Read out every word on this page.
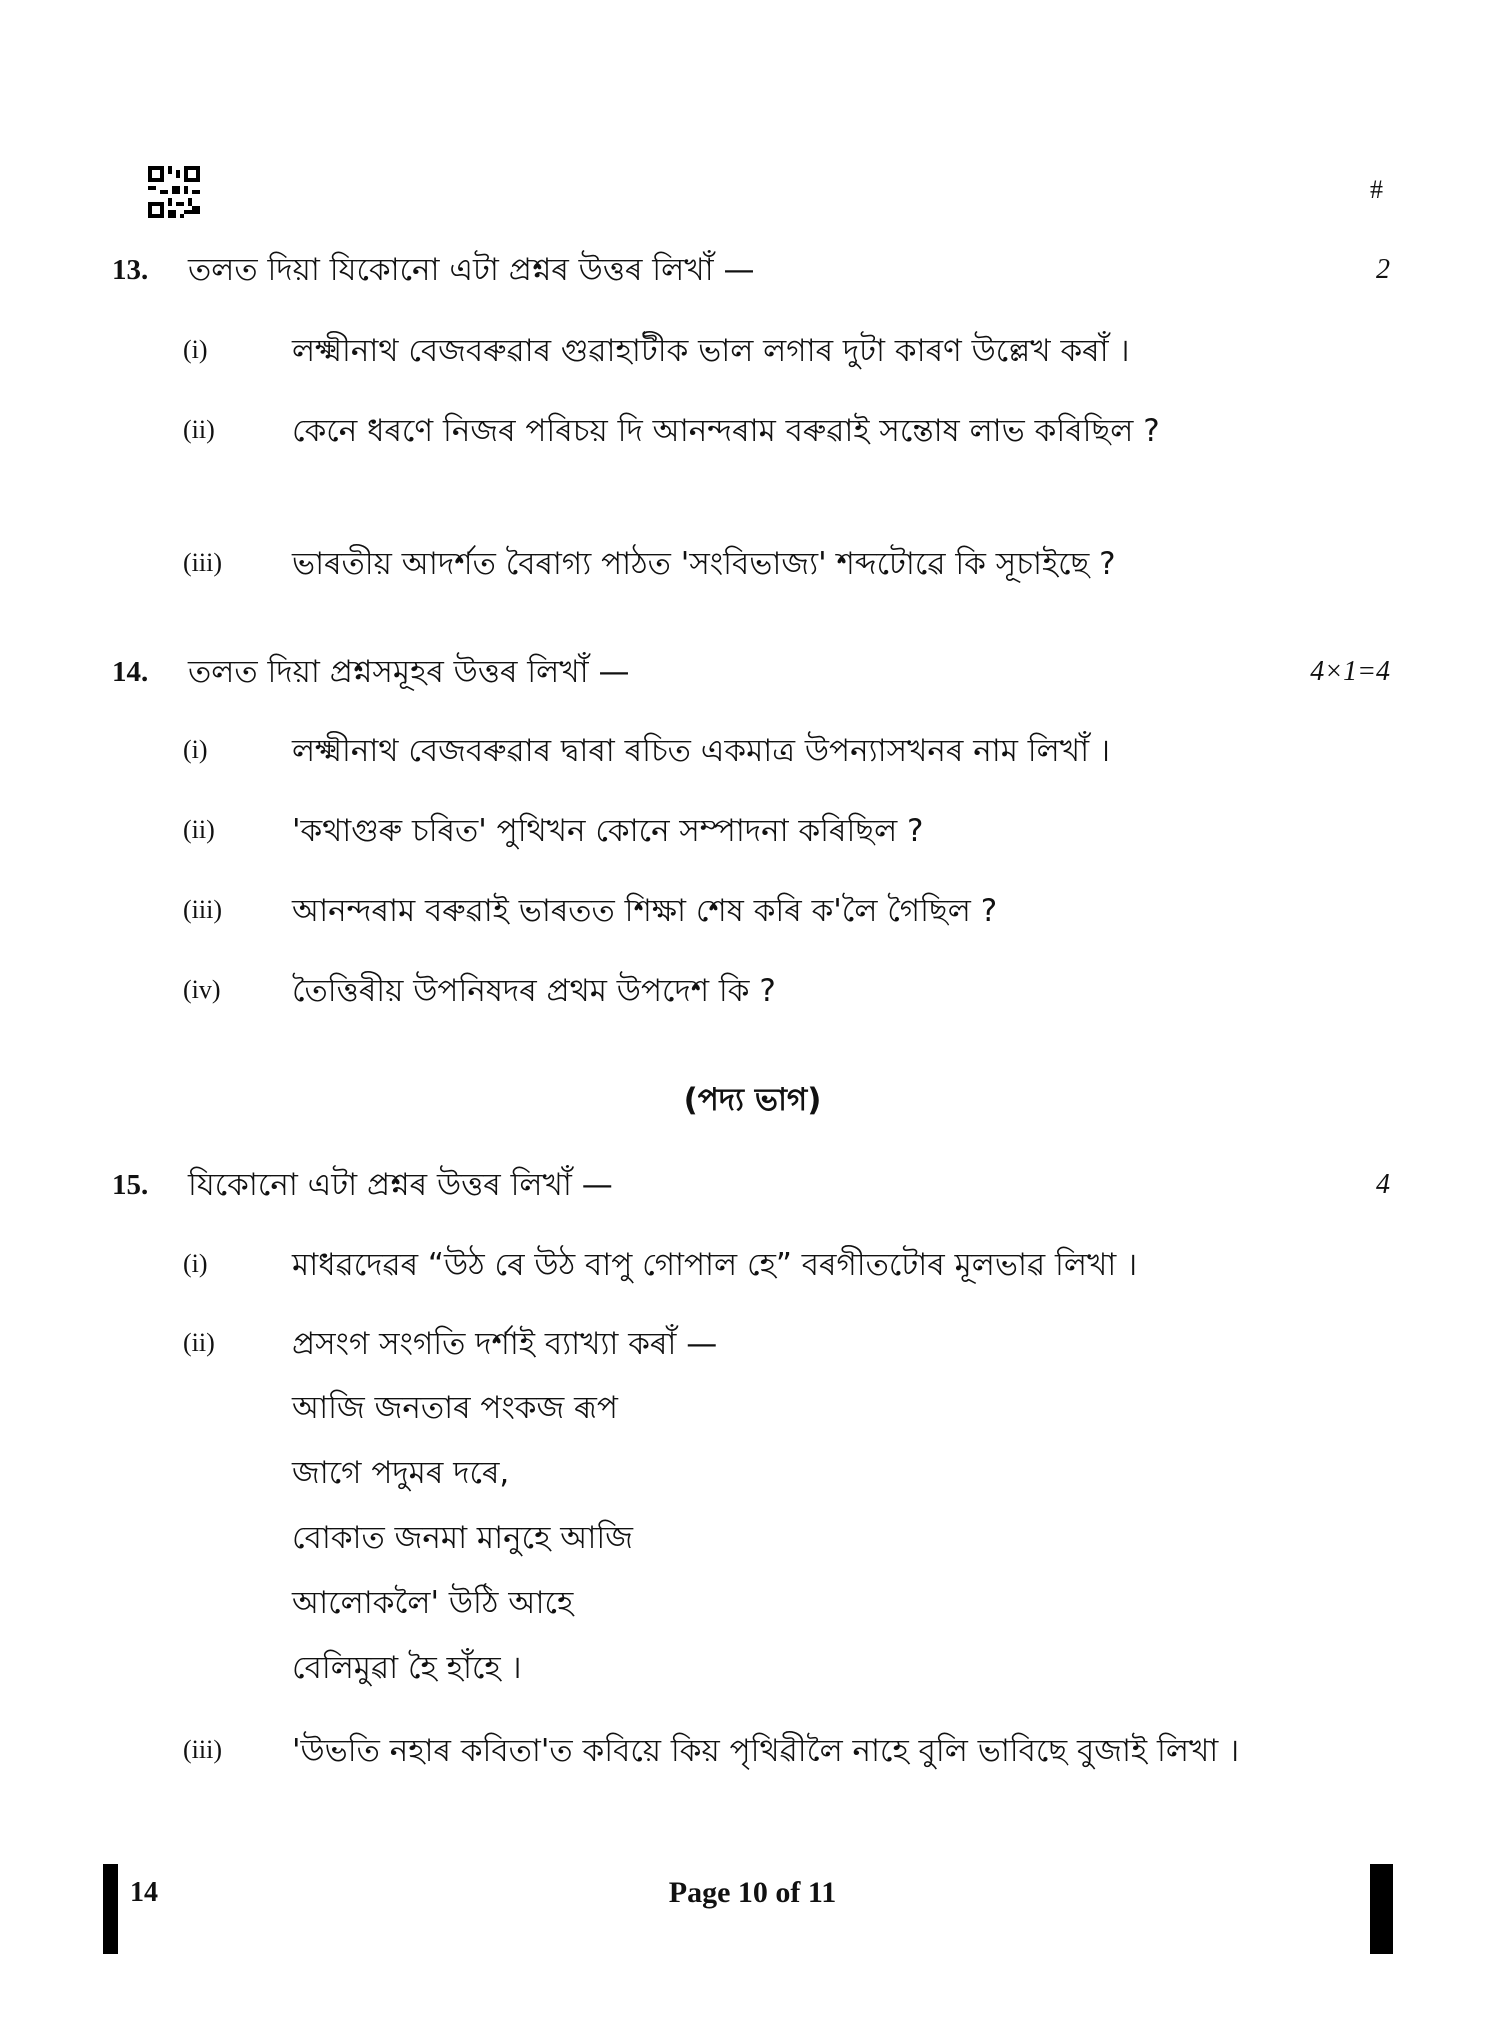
#
13. তলত দিয়া যিকোনো এটা প্ৰশ্নৰ উত্তৰ লিখাঁ —	2
(i)	লক্ষ্মীনাথ বেজবৰুৱাৰ গুৱাহাটীক ভাল লগাৰ দুটা কাৰণ উল্লেখ কৰাঁ ।
(ii) কেনে ধৰণে নিজৰ পৰিচয় দি আনন্দৰাম বৰুৱাই সন্তোষ লাভ কৰিছিল ?
(iii) ভাৰতীয় আদৰ্শত বৈৰাগ্য পাঠত 'সংবিভাজ্য' শব্দটোৱে কি সূচাইছে ?
14. তলত দিয়া প্ৰশ্নসমূহৰ উত্তৰ লিখাঁ —	4×1=4
(i)	লক্ষ্মীনাথ বেজবৰুৱাৰ দ্বাৰা ৰচিত একমাত্ৰ উপন্যাসখনৰ নাম লিখাঁ ।
(ii) 'কথাগুৰু চৰিত' পুথিখন কোনে সম্পাদনা কৰিছিল ?
(iii) আনন্দৰাম বৰুৱাই ভাৰতত শিক্ষা শেষ কৰি ক'লৈ গৈছিল ?
(iv) তৈত্তিৰীয় উপনিষদৰ প্ৰথম উপদেশ কি ?
(পদ্য ভাগ)
15. যিকোনো এটা প্ৰশ্নৰ উত্তৰ লিখাঁ —	4
(i)	মাধৱদেৱৰ “উঠ ৰে উঠ বাপু গোপাল হে” বৰগীতটোৰ মূলভাৱ লিখা ।
(ii) প্ৰসংগ সংগতি দৰ্শাই ব্যাখ্যা কৰাঁ —
আজি জনতাৰ পংকজ ৰূপ
জাগে পদুমৰ দৰে,
বোকাত জনমা মানুহে আজি
আলোকলৈ' উঠি আহে
বেলিমুৱা হৈ হাঁহে ।
(iii) 'উভতি নহাৰ কবিতা'ত কবিয়ে কিয় পৃথিৱীলৈ নাহে বুলি ভাবিছে বুজাই লিখা ।
14	Page 10 of 11
